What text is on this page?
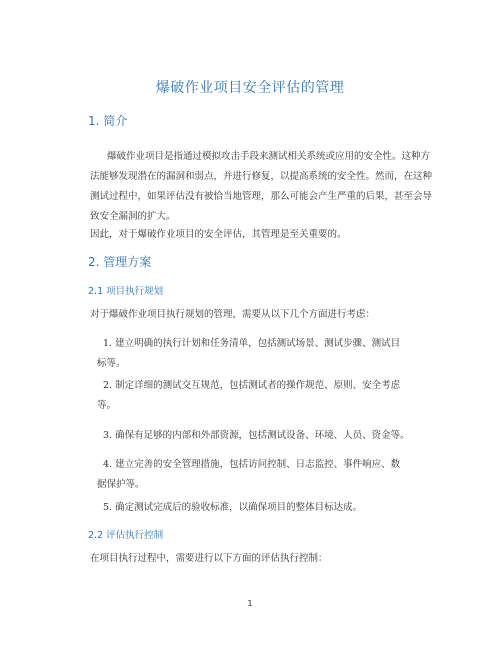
爆破作业项目安全评估的管理
1. 简介
爆破作业项目是指通过模拟攻击手段来测试相关系统或应用的安全性。这种方
法能够发现潜在的漏洞和弱点，并进行修复，以提高系统的安全性。然而，在这种
测试过程中，如果评估没有被恰当地管理，那么可能会产生严重的后果，甚至会导
致安全漏洞的扩大。
因此，对于爆破作业项目的安全评估，其管理是至关重要的。
2. 管理方案
2.1 项目执行规划
对于爆破作业项目执行规划的管理，需要从以下几个方面进行考虑：
1. 建立明确的执行计划和任务清单，包括测试场景、测试步骤、测试目
标等。
2. 制定详细的测试交互规范，包括测试者的操作规范、原则、安全考虑
等。
3. 确保有足够的内部和外部资源，包括测试设备、环境、人员、资金等。
4. 建立完善的安全管理措施，包括访问控制、日志监控、事件响应、数
据保护等。
5. 确定测试完成后的验收标准，以确保项目的整体目标达成。
2.2 评估执行控制
在项目执行过程中，需要进行以下方面的评估执行控制：
1
